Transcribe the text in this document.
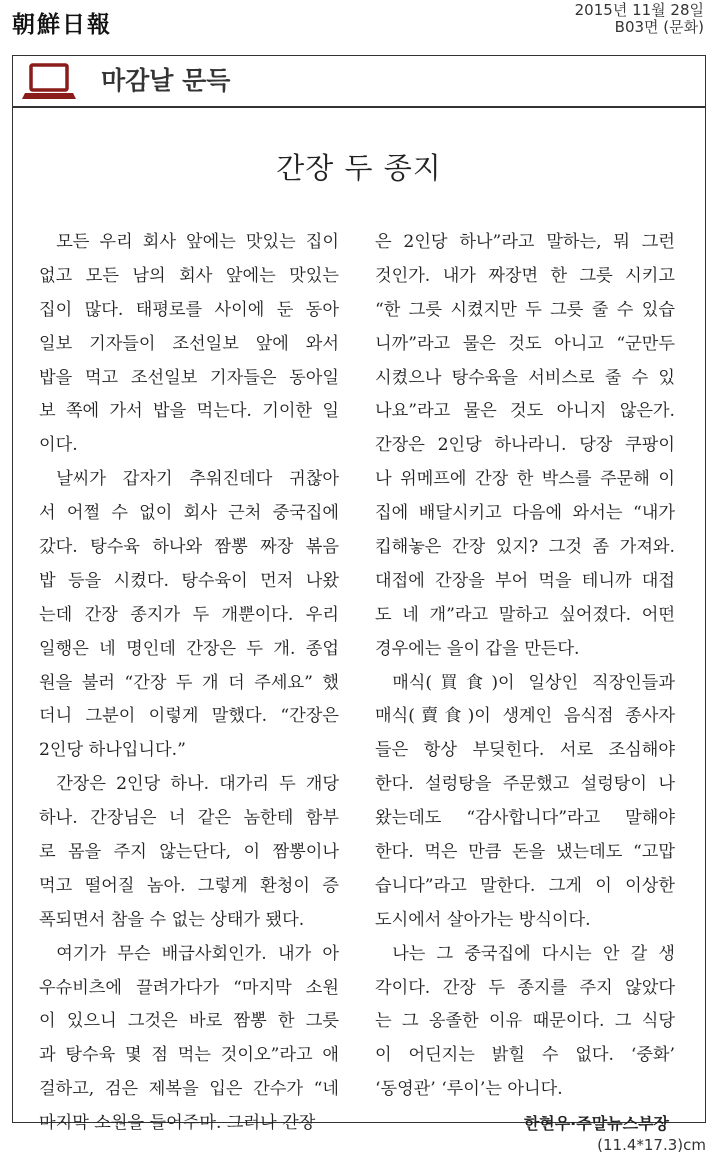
朝鮮日報
2015년 11월 28일
B03면 (문화)
마감날 문득
간장 두 종지
모든 우리 회사 앞에는 맛있는 집이
없고 모든 남의 회사 앞에는 맛있는
집이 많다. 태평로를 사이에 둔 동아
일보 기자들이 조선일보 앞에 와서
밥을 먹고 조선일보 기자들은 동아일
보 쪽에 가서 밥을 먹는다. 기이한 일
이다.
날씨가 갑자기 추워진데다 귀찮아
서 어쩔 수 없이 회사 근처 중국집에
갔다. 탕수육 하나와 짬뽕 짜장 볶음
밥 등을 시켰다. 탕수육이 먼저 나왔
는데 간장 종지가 두 개뿐이다. 우리
일행은 네 명인데 간장은 두 개. 종업
원을 불러 “간장 두 개 더 주세요” 했
더니 그분이 이렇게 말했다. “간장은
2인당 하나입니다.”
간장은 2인당 하나. 대가리 두 개당
하나. 간장님은 너 같은 놈한테 함부
로 몸을 주지 않는단다, 이 짬뽕이나
먹고 떨어질 놈아. 그렇게 환청이 증
폭되면서 참을 수 없는 상태가 됐다.
여기가 무슨 배급사회인가. 내가 아
우슈비츠에 끌려가다가 “마지막 소원
이 있으니 그것은 바로 짬뽕 한 그릇
과 탕수육 몇 점 먹는 것이오”라고 애
걸하고, 검은 제복을 입은 간수가 “네
마지막 소원을 들어주마. 그러나 간장
은 2인당 하나”라고 말하는, 뭐 그런
것인가. 내가 짜장면 한 그릇 시키고
“한 그릇 시켰지만 두 그릇 줄 수 있습
니까”라고 물은 것도 아니고 “군만두
시켰으나 탕수육을 서비스로 줄 수 있
나요”라고 물은 것도 아니지 않은가.
간장은 2인당 하나라니. 당장 쿠팡이
나 위메프에 간장 한 박스를 주문해 이
집에 배달시키고 다음에 와서는 “내가
킵해놓은 간장 있지? 그것 좀 가져와.
대접에 간장을 부어 먹을 테니까 대접
도 네 개”라고 말하고 싶어졌다. 어떤
경우에는 을이 갑을 만든다.
매식(買食)이 일상인 직장인들과
매식(賣食)이 생계인 음식점 종사자
들은 항상 부딪힌다. 서로 조심해야
한다. 설렁탕을 주문했고 설렁탕이 나
왔는데도 “감사합니다”라고 말해야
한다. 먹은 만큼 돈을 냈는데도 “고맙
습니다”라고 말한다. 그게 이 이상한
도시에서 살아가는 방식이다.
나는 그 중국집에 다시는 안 갈 생
각이다. 간장 두 종지를 주지 않았다
는 그 옹졸한 이유 때문이다. 그 식당
이 어딘지는 밝힐 수 없다. ‘중화’
‘동영관’ ‘루이’는 아니다.
한현우·주말뉴스부장
(11.4*17.3)cm
